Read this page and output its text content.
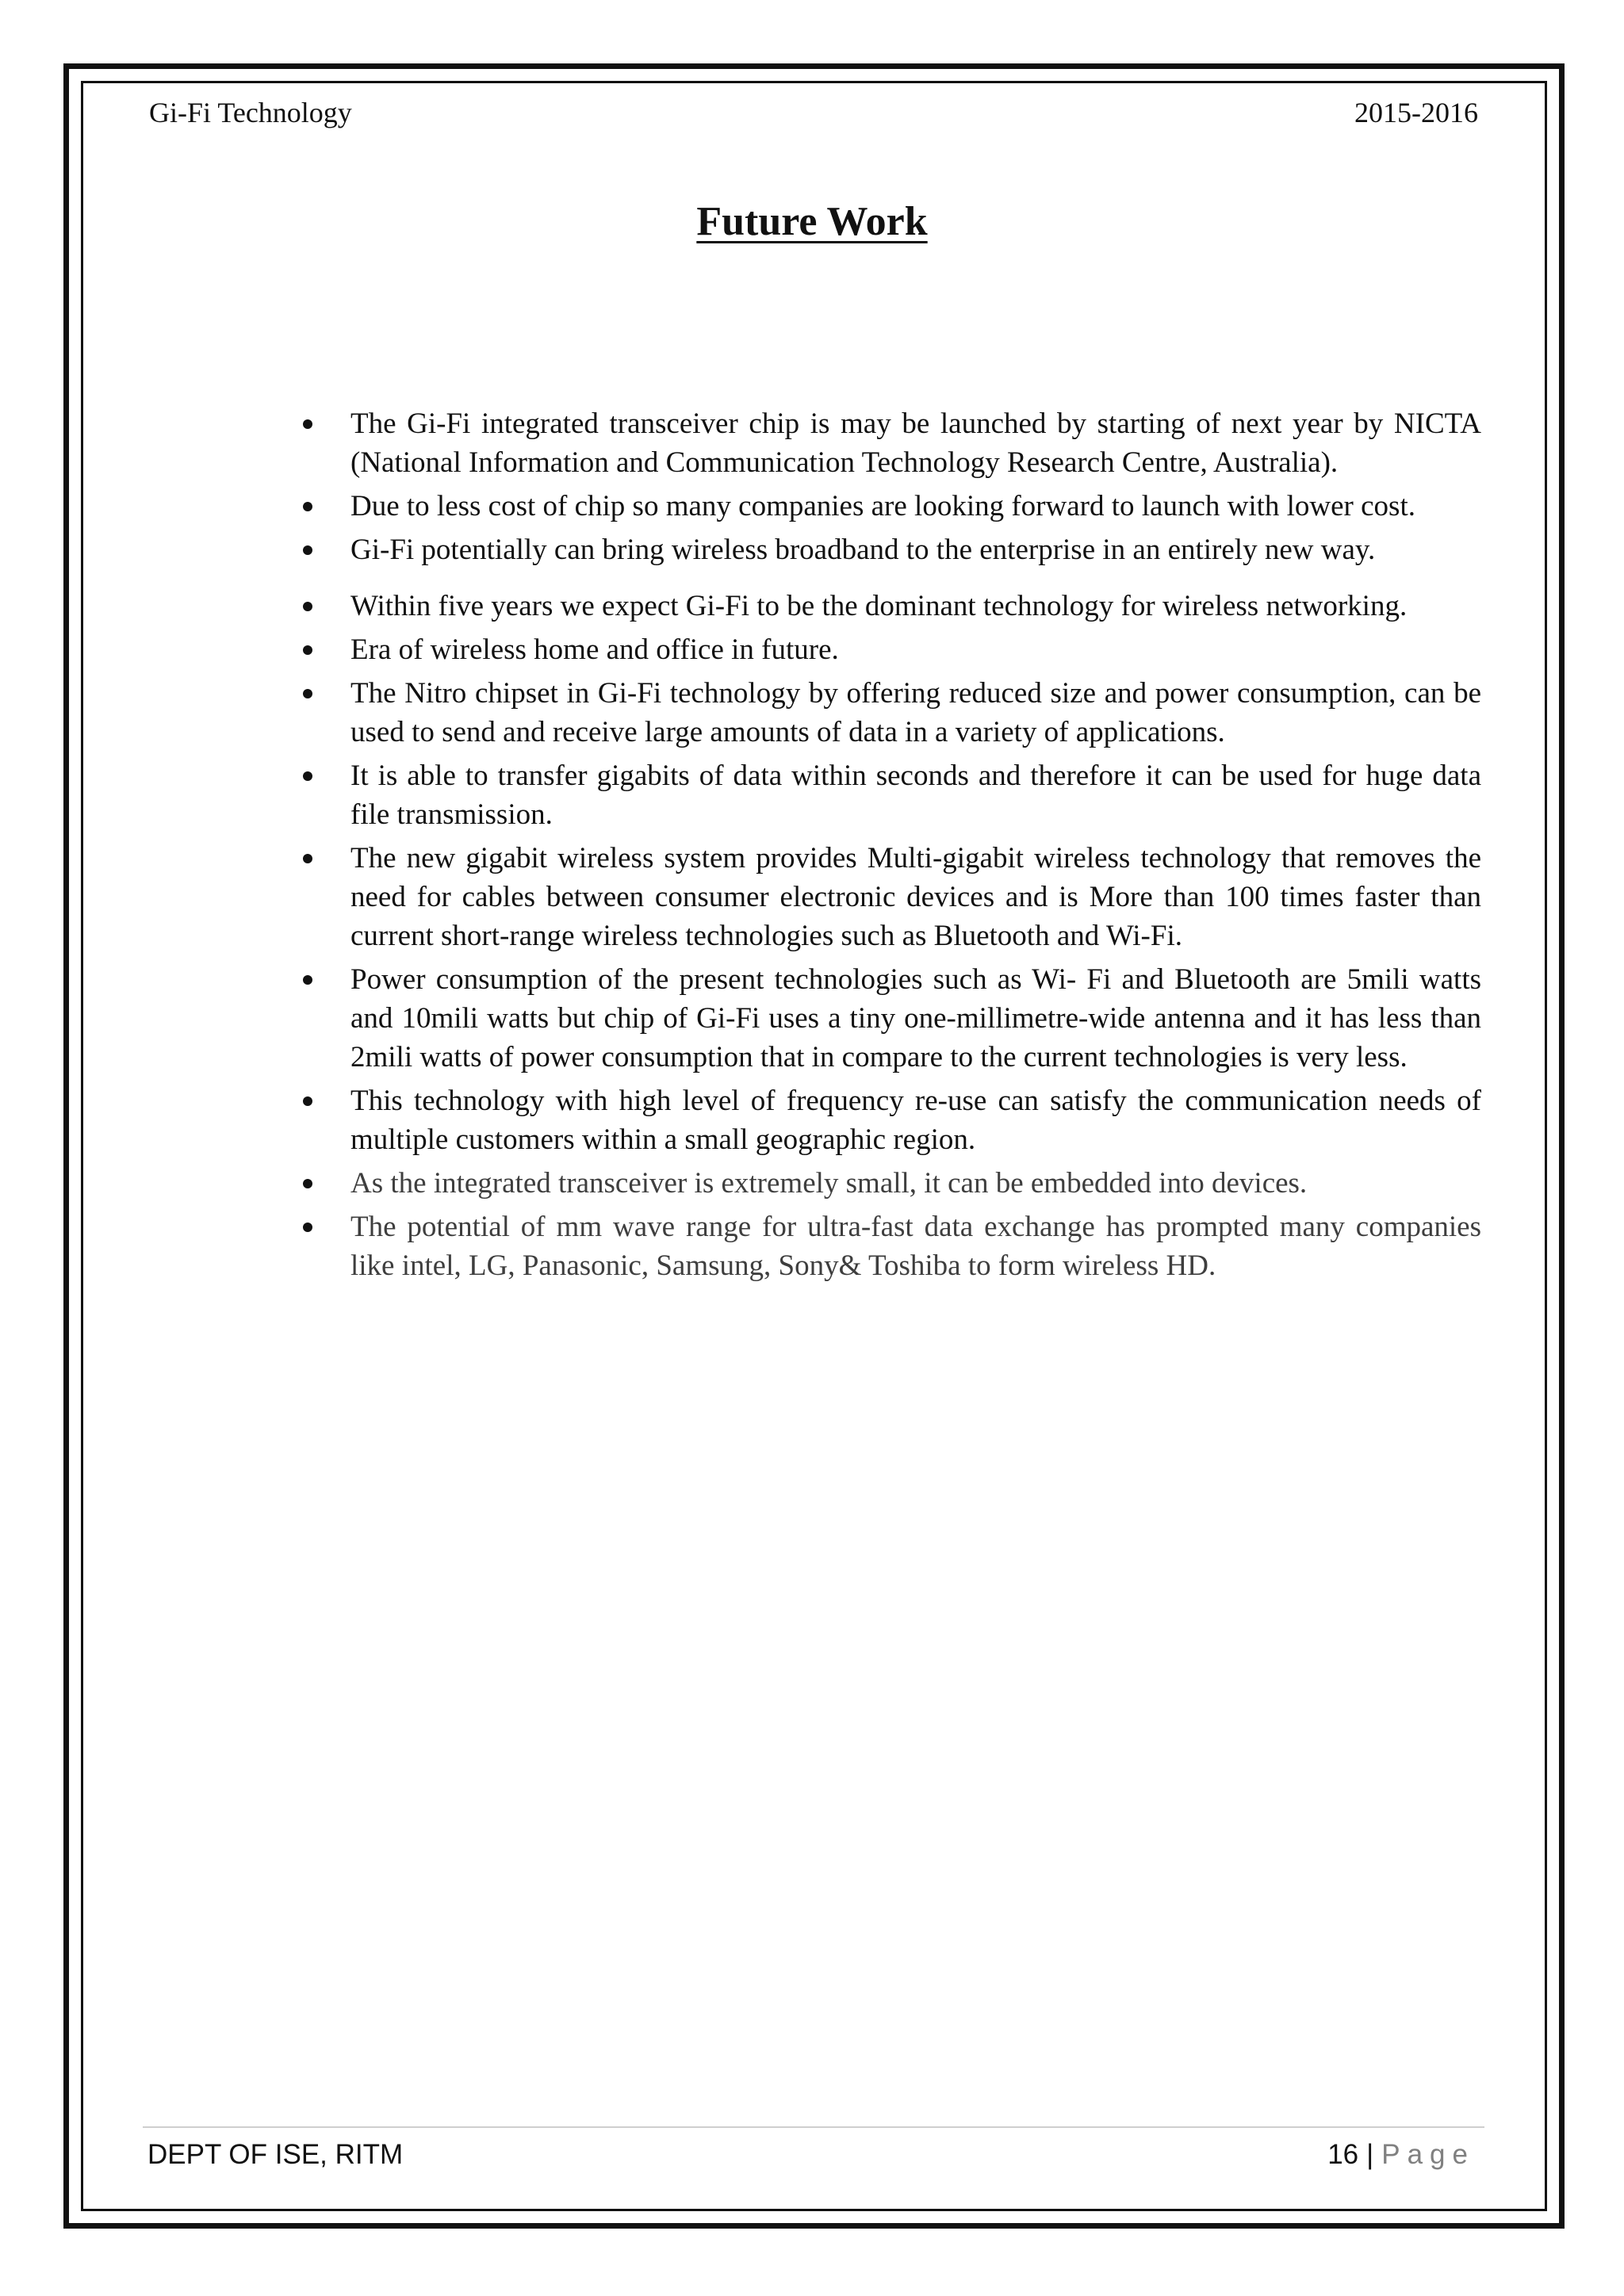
Gi-Fi Technology	2015-2016
Future Work
The Gi-Fi integrated transceiver chip is may be launched by starting of next year by NICTA (National Information and Communication Technology Research Centre, Australia).
Due to less cost of chip so many companies are looking forward to launch with lower cost.
Gi-Fi potentially can bring wireless broadband to the enterprise in an entirely new way.
Within five years we expect Gi-Fi to be the dominant technology for wireless networking.
Era of wireless home and office in future.
The Nitro chipset in Gi-Fi technology by offering reduced size and power consumption, can be used to send and receive large amounts of data in a variety of applications.
It is able to transfer gigabits of data within seconds and therefore it can be used for huge data file transmission.
The new gigabit wireless system provides Multi-gigabit wireless technology that removes the need for cables between consumer electronic devices and is More than 100 times faster than current short-range wireless technologies such as Bluetooth and Wi-Fi.
Power consumption of the present technologies such as Wi- Fi and Bluetooth are 5mili watts and 10mili watts but chip of Gi-Fi uses a tiny one-millimetre-wide antenna and it has less than 2mili watts of power consumption that in compare to the current technologies is very less.
This technology with high level of frequency re-use can satisfy the communication needs of multiple customers within a small geographic region.
As the integrated transceiver is extremely small, it can be embedded into devices.
The potential of mm wave range for ultra-fast data exchange has prompted many companies like intel, LG, Panasonic, Samsung, Sony& Toshiba to form wireless HD.
DEPT OF ISE, RITM	16 | Page
